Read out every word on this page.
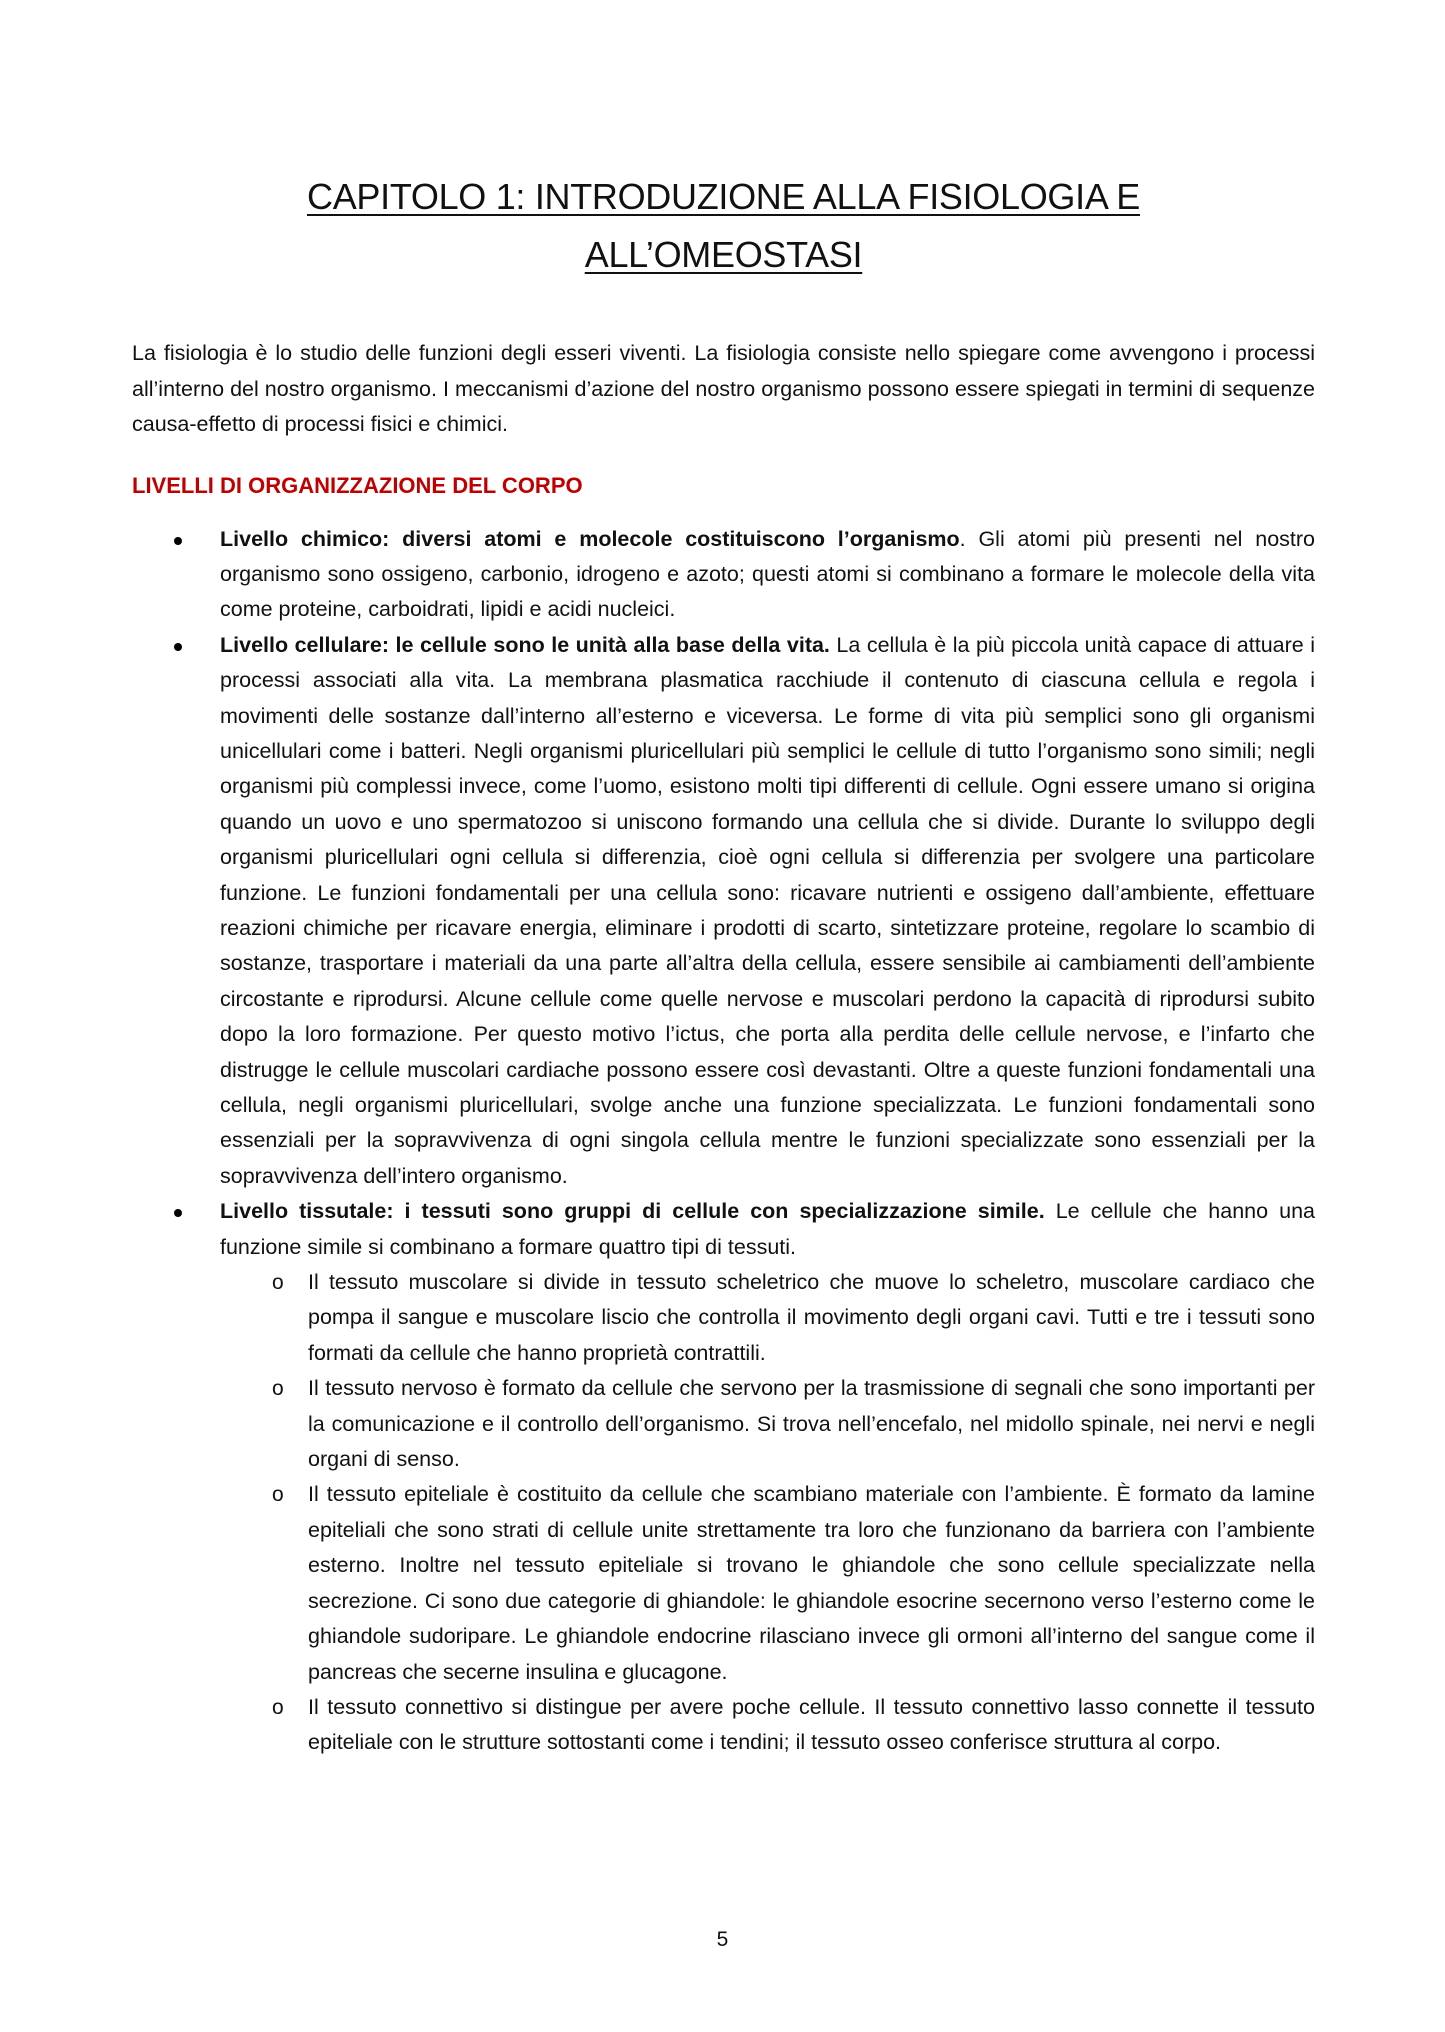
CAPITOLO 1: INTRODUZIONE ALLA FISIOLOGIA E
ALL’OMEOSTASI

La fisiologia è lo studio delle funzioni degli esseri viventi. La fisiologia consiste nello spiegare come avvengono i processi all’interno del nostro organismo. I meccanismi d’azione del nostro organismo possono essere spiegati in termini di sequenze causa-effetto di processi fisici e chimici.

LIVELLI DI ORGANIZZAZIONE DEL CORPO
Livello chimico: diversi atomi e molecole costituiscono l’organismo. Gli atomi più presenti nel nostro organismo sono ossigeno, carbonio, idrogeno e azoto; questi atomi si combinano a formare le molecole della vita come proteine, carboidrati, lipidi e acidi nucleici.
Livello cellulare: le cellule sono le unità alla base della vita. La cellula è la più piccola unità capace di attuare i processi associati alla vita. La membrana plasmatica racchiude il contenuto di ciascuna cellula e regola i movimenti delle sostanze dall’interno all’esterno e viceversa. Le forme di vita più semplici sono gli organismi unicellulari come i batteri. Negli organismi pluricellulari più semplici le cellule di tutto l’organismo sono simili; negli organismi più complessi invece, come l’uomo, esistono molti tipi differenti di cellule. Ogni essere umano si origina quando un uovo e uno spermatozoo si uniscono formando una cellula che si divide. Durante lo sviluppo degli organismi pluricellulari ogni cellula si differenzia, cioè ogni cellula si differenzia per svolgere una particolare funzione. Le funzioni fondamentali per una cellula sono: ricavare nutrienti e ossigeno dall’ambiente, effettuare reazioni chimiche per ricavare energia, eliminare i prodotti di scarto, sintetizzare proteine, regolare lo scambio di sostanze, trasportare i materiali da una parte all’altra della cellula, essere sensibile ai cambiamenti dell’ambiente circostante e riprodursi. Alcune cellule come quelle nervose e muscolari perdono la capacità di riprodursi subito dopo la loro formazione. Per questo motivo l’ictus, che porta alla perdita delle cellule nervose, e l’infarto che distrugge le cellule muscolari cardiache possono essere così devastanti. Oltre a queste funzioni fondamentali una cellula, negli organismi pluricellulari, svolge anche una funzione specializzata. Le funzioni fondamentali sono essenziali per la sopravvivenza di ogni singola cellula mentre le funzioni specializzate sono essenziali per la sopravvivenza dell’intero organismo.
Livello tissutale: i tessuti sono gruppi di cellule con specializzazione simile. Le cellule che hanno una funzione simile si combinano a formare quattro tipi di tessuti.
o Il tessuto muscolare si divide in tessuto scheletrico che muove lo scheletro, muscolare cardiaco che pompa il sangue e muscolare liscio che controlla il movimento degli organi cavi. Tutti e tre i tessuti sono formati da cellule che hanno proprietà contrattili.
o Il tessuto nervoso è formato da cellule che servono per la trasmissione di segnali che sono importanti per la comunicazione e il controllo dell’organismo. Si trova nell’encefalo, nel midollo spinale, nei nervi e negli organi di senso.
o Il tessuto epiteliale è costituito da cellule che scambiano materiale con l’ambiente. È formato da lamine epiteliali che sono strati di cellule unite strettamente tra loro che funzionano da barriera con l’ambiente esterno. Inoltre nel tessuto epiteliale si trovano le ghiandole che sono cellule specializzate nella secrezione. Ci sono due categorie di ghiandole: le ghiandole esocrine secernono verso l’esterno come le ghiandole sudoripare. Le ghiandole endocrine rilasciano invece gli ormoni all’interno del sangue come il pancreas che secerne insulina e glucagone.
o Il tessuto connettivo si distingue per avere poche cellule. Il tessuto connettivo lasso connette il tessuto epiteliale con le strutture sottostanti come i tendini; il tessuto osseo conferisce struttura al corpo.
5
